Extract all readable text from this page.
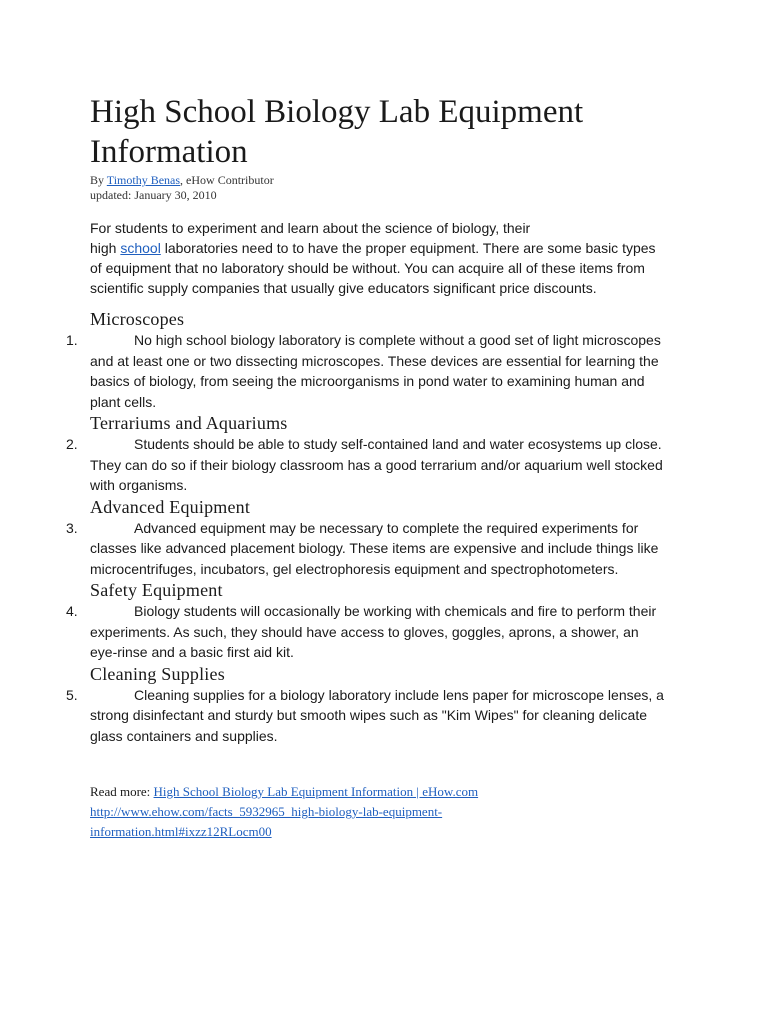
High School Biology Lab Equipment
Information
By Timothy Benas, eHow Contributor
updated: January 30, 2010
For students to experiment and learn about the science of biology, their
high school laboratories need to to have the proper equipment. There are some basic types of equipment that no laboratory should be without. You can acquire all of these items from scientific supply companies that usually give educators significant price discounts.
Microscopes
1.	No high school biology laboratory is complete without a good set of light microscopes and at least one or two dissecting microscopes. These devices are essential for learning the basics of biology, from seeing the microorganisms in pond water to examining human and plant cells.
Terrariums and Aquariums
2.	Students should be able to study self-contained land and water ecosystems up close. They can do so if their biology classroom has a good terrarium and/or aquarium well stocked with organisms.
Advanced Equipment
3.	Advanced equipment may be necessary to complete the required experiments for classes like advanced placement biology. These items are expensive and include things like microcentrifuges, incubators, gel electrophoresis equipment and spectrophotometers.
Safety Equipment
4.	Biology students will occasionally be working with chemicals and fire to perform their experiments. As such, they should have access to gloves, goggles, aprons, a shower, an eye-rinse and a basic first aid kit.
Cleaning Supplies
5.	Cleaning supplies for a biology laboratory include lens paper for microscope lenses, a strong disinfectant and sturdy but smooth wipes such as "Kim Wipes" for cleaning delicate glass containers and supplies.
Read more: High School Biology Lab Equipment Information | eHow.com http://www.ehow.com/facts_5932965_high-biology-lab-equipment-information.html#ixzz12RLocm00
